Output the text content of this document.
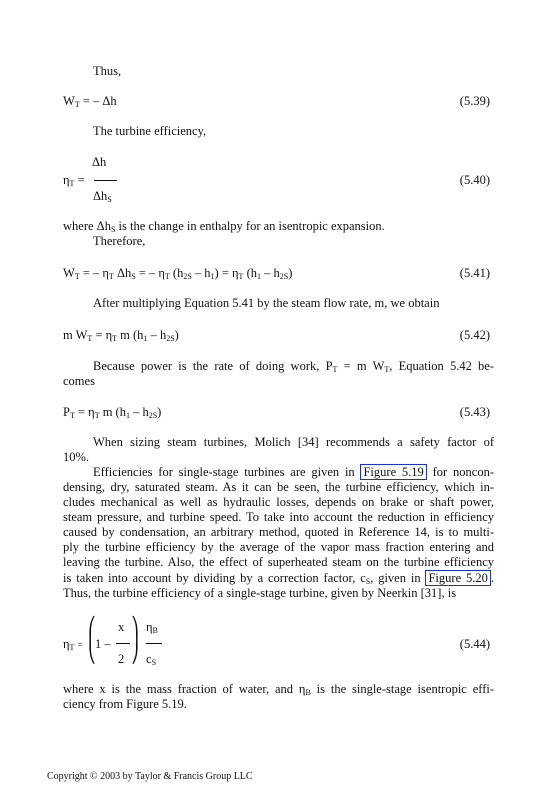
Thus,
$W_T$ = – Δh	(5.39)
The turbine efficiency,
Δh
$\eta_T$ =
$\Delta h_S$
(5.40)
where $\Delta h_S$ is the change in enthalpy for an isentropic expansion.
Therefore,
$W_T$ = – $\eta_T$ $\Delta h_S$ = – $\eta_T$ $(h_{2S} - h_1) = \eta_T$ $(h_1 - h_{2S})$	(5.41)
After multiplying Equation 5.41 by the steam flow rate, m, we obtain
m $W_T = \eta_T$ m $(h_1 - h_{2S})$	(5.42)
Because power is the rate of doing work, $P_T = m$ $W_T$, Equation 5.42 be-
comes
$P_T = \eta_T$ m $(h_1 - h_{2S})$	(5.43)
When sizing steam turbines, Molich [34] recommends a safety factor of
10%.
Efficiencies for single-stage turbines are given in Figure 5.19 for noncon-
densing, dry, saturated steam. As it can be seen, the turbine efficiency, which in-
cludes mechanical as well as hydraulic losses, depends on brake or shaft power,
steam pressure, and turbine speed. To take into account the reduction in efficiency
caused by condensation, an arbitrary method, quoted in Reference 14, is to multi-
ply the turbine efficiency by the average of the vapor mass fraction entering and
leaving the turbine. Also, the effect of superheated steam on the turbine efficiency
is taken into account by dividing by a correction factor, $c_S$, given in Figure 5.20 .
Thus, the turbine efficiency of a single-stage turbine, given by Neerkin [31], is
$\eta_T$ =
⎛
⎜
⎝
x
1 –
2
⎞
⎟
⎠
$\eta_B$
$c_S$
(5.44)
where x is the mass fraction of water, and $\eta_B$ is the single-stage isentropic effi-
ciency from Figure 5.19.
Copyright © 2003 by Taylor & Francis Group LLC
